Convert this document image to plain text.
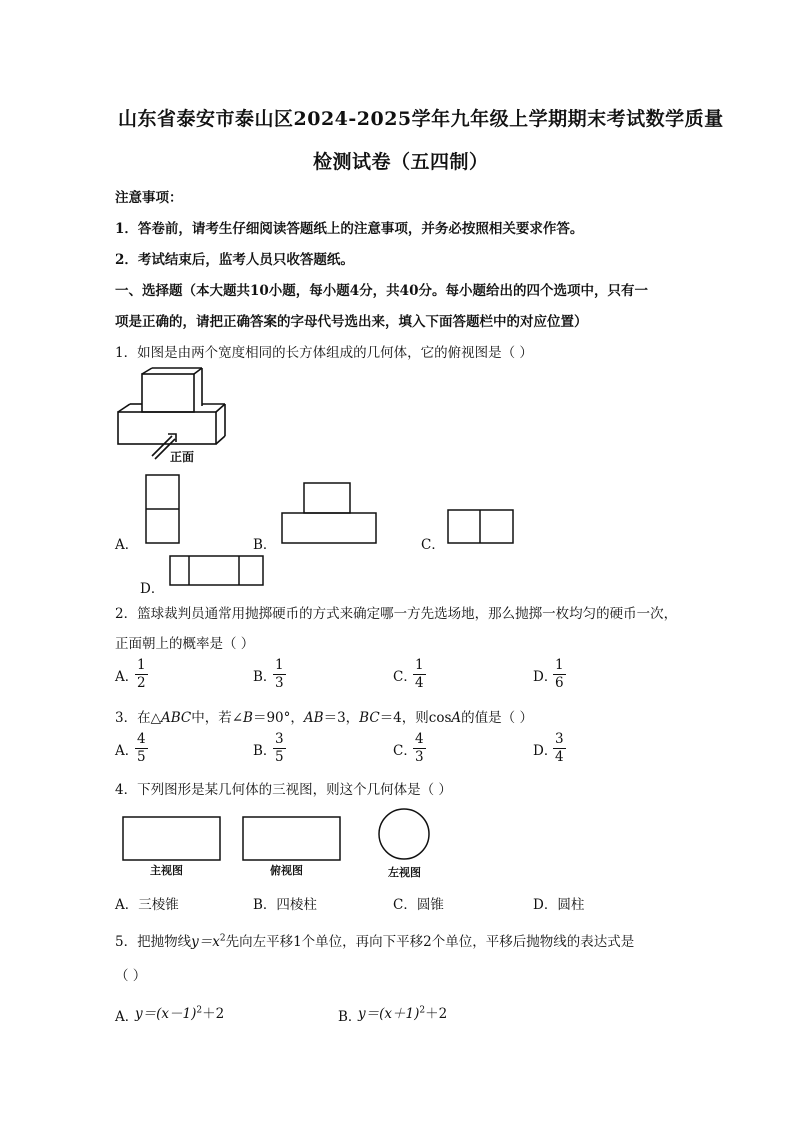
山东省泰安市泰山区2024-2025学年九年级上学期期末考试数学质量
检测试卷（五四制）
注意事项：
1．答卷前，请考生仔细阅读答题纸上的注意事项，并务必按照相关要求作答。
2．考试结束后，监考人员只收答题纸。
一、选择题（本大题共10小题，每小题4分，共40分。每小题给出的四个选项中，只有一
项是正确的，请把正确答案的字母代号选出来，填入下面答题栏中的对应位置）
1．如图是由两个宽度相同的长方体组成的几何体，它的俯视图是（ ）
正面
A．	B．	C．
D．
2．篮球裁判员通常用抛掷硬币的方式来确定哪一方先选场地，那么抛掷一枚均匀的硬币一次，
正面朝上的概率是（ ）
A．
$\frac{1}{2}$	B．
$\frac{1}{3}$	C．
$\frac{1}{4}$	D．
$\frac{1}{6}$
3．在△ABC中，若∠B＝90°，AB＝3，BC＝4，则cosA的值是（ ）
A．
$\frac{4}{5}$	B．
$\frac{3}{5}$	C．
$\frac{4}{3}$	D．
$\frac{3}{4}$
4．下列图形是某几何体的三视图，则这个几何体是（ ）
主视图	俯视图	左视图
A．三棱锥	B．四棱柱	C．圆锥	D．圆柱
5．把抛物线$y=x^2$先向左平移1个单位，再向下平移2个单位，平移后抛物线的表达式是
（ ）
A．$y=(x-1)^2+2$	B．$y=(x+1)^2+2$
